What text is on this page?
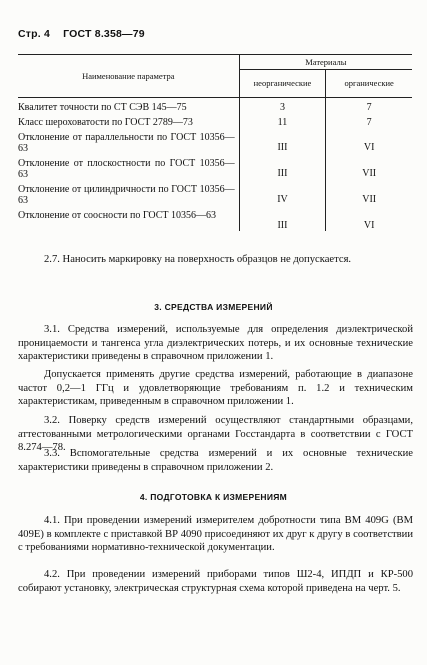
Стр. 4 ГОСТ 8.358—79
Наименование параметра	Материалы	
	неорганические	органические
Квалитет точности по СТ СЭВ 145—75	3	7
Класс шероховатости по ГОСТ 2789—73	11	7
Отклонение от параллельности по ГОСТ 10356—63	III	VI
Отклонение от плоскостности по ГОСТ 10356—63	III	VII
Отклонение от цилиндричности по ГОСТ 10356—63	IV	VII
Отклонение от соосности по ГОСТ 10356—63	III	VI

2.7. Наносить маркировку на поверхность образцов не допускается.

3. СРЕДСТВА ИЗМЕРЕНИЙ

3.1. Средства измерений, используемые для определения диэлектрической проницаемости и тангенса угла диэлектрических потерь, и их основные технические характеристики приведены в справочном приложении 1.

Допускается применять другие средства измерений, работающие в диапазоне частот 0,2—1 ГГц и удовлетворяющие требованиям п. 1.2 и техническим характеристикам, приведенным в справочном приложении 1.

3.2. Поверку средств измерений осуществляют стандартными образцами, аттестованными метрологическими органами Госстандарта в соответствии с ГОСТ 8.274—78.

3.3. Вспомогательные средства измерений и их основные технические характеристики приведены в справочном приложении 2.

4. ПОДГОТОВКА К ИЗМЕРЕНИЯМ

4.1. При проведении измерений измерителем добротности типа ВМ 409G (ВМ 409E) в комплекте с приставкой ВР 4090 присоединяют их друг к другу в соответствии с требованиями нормативно-технической документации.

4.2. При проведении измерений приборами типов Ш2-4, ИПДП и КР-500 собирают установку, электрическая структурная схема которой приведена на черт. 5.
